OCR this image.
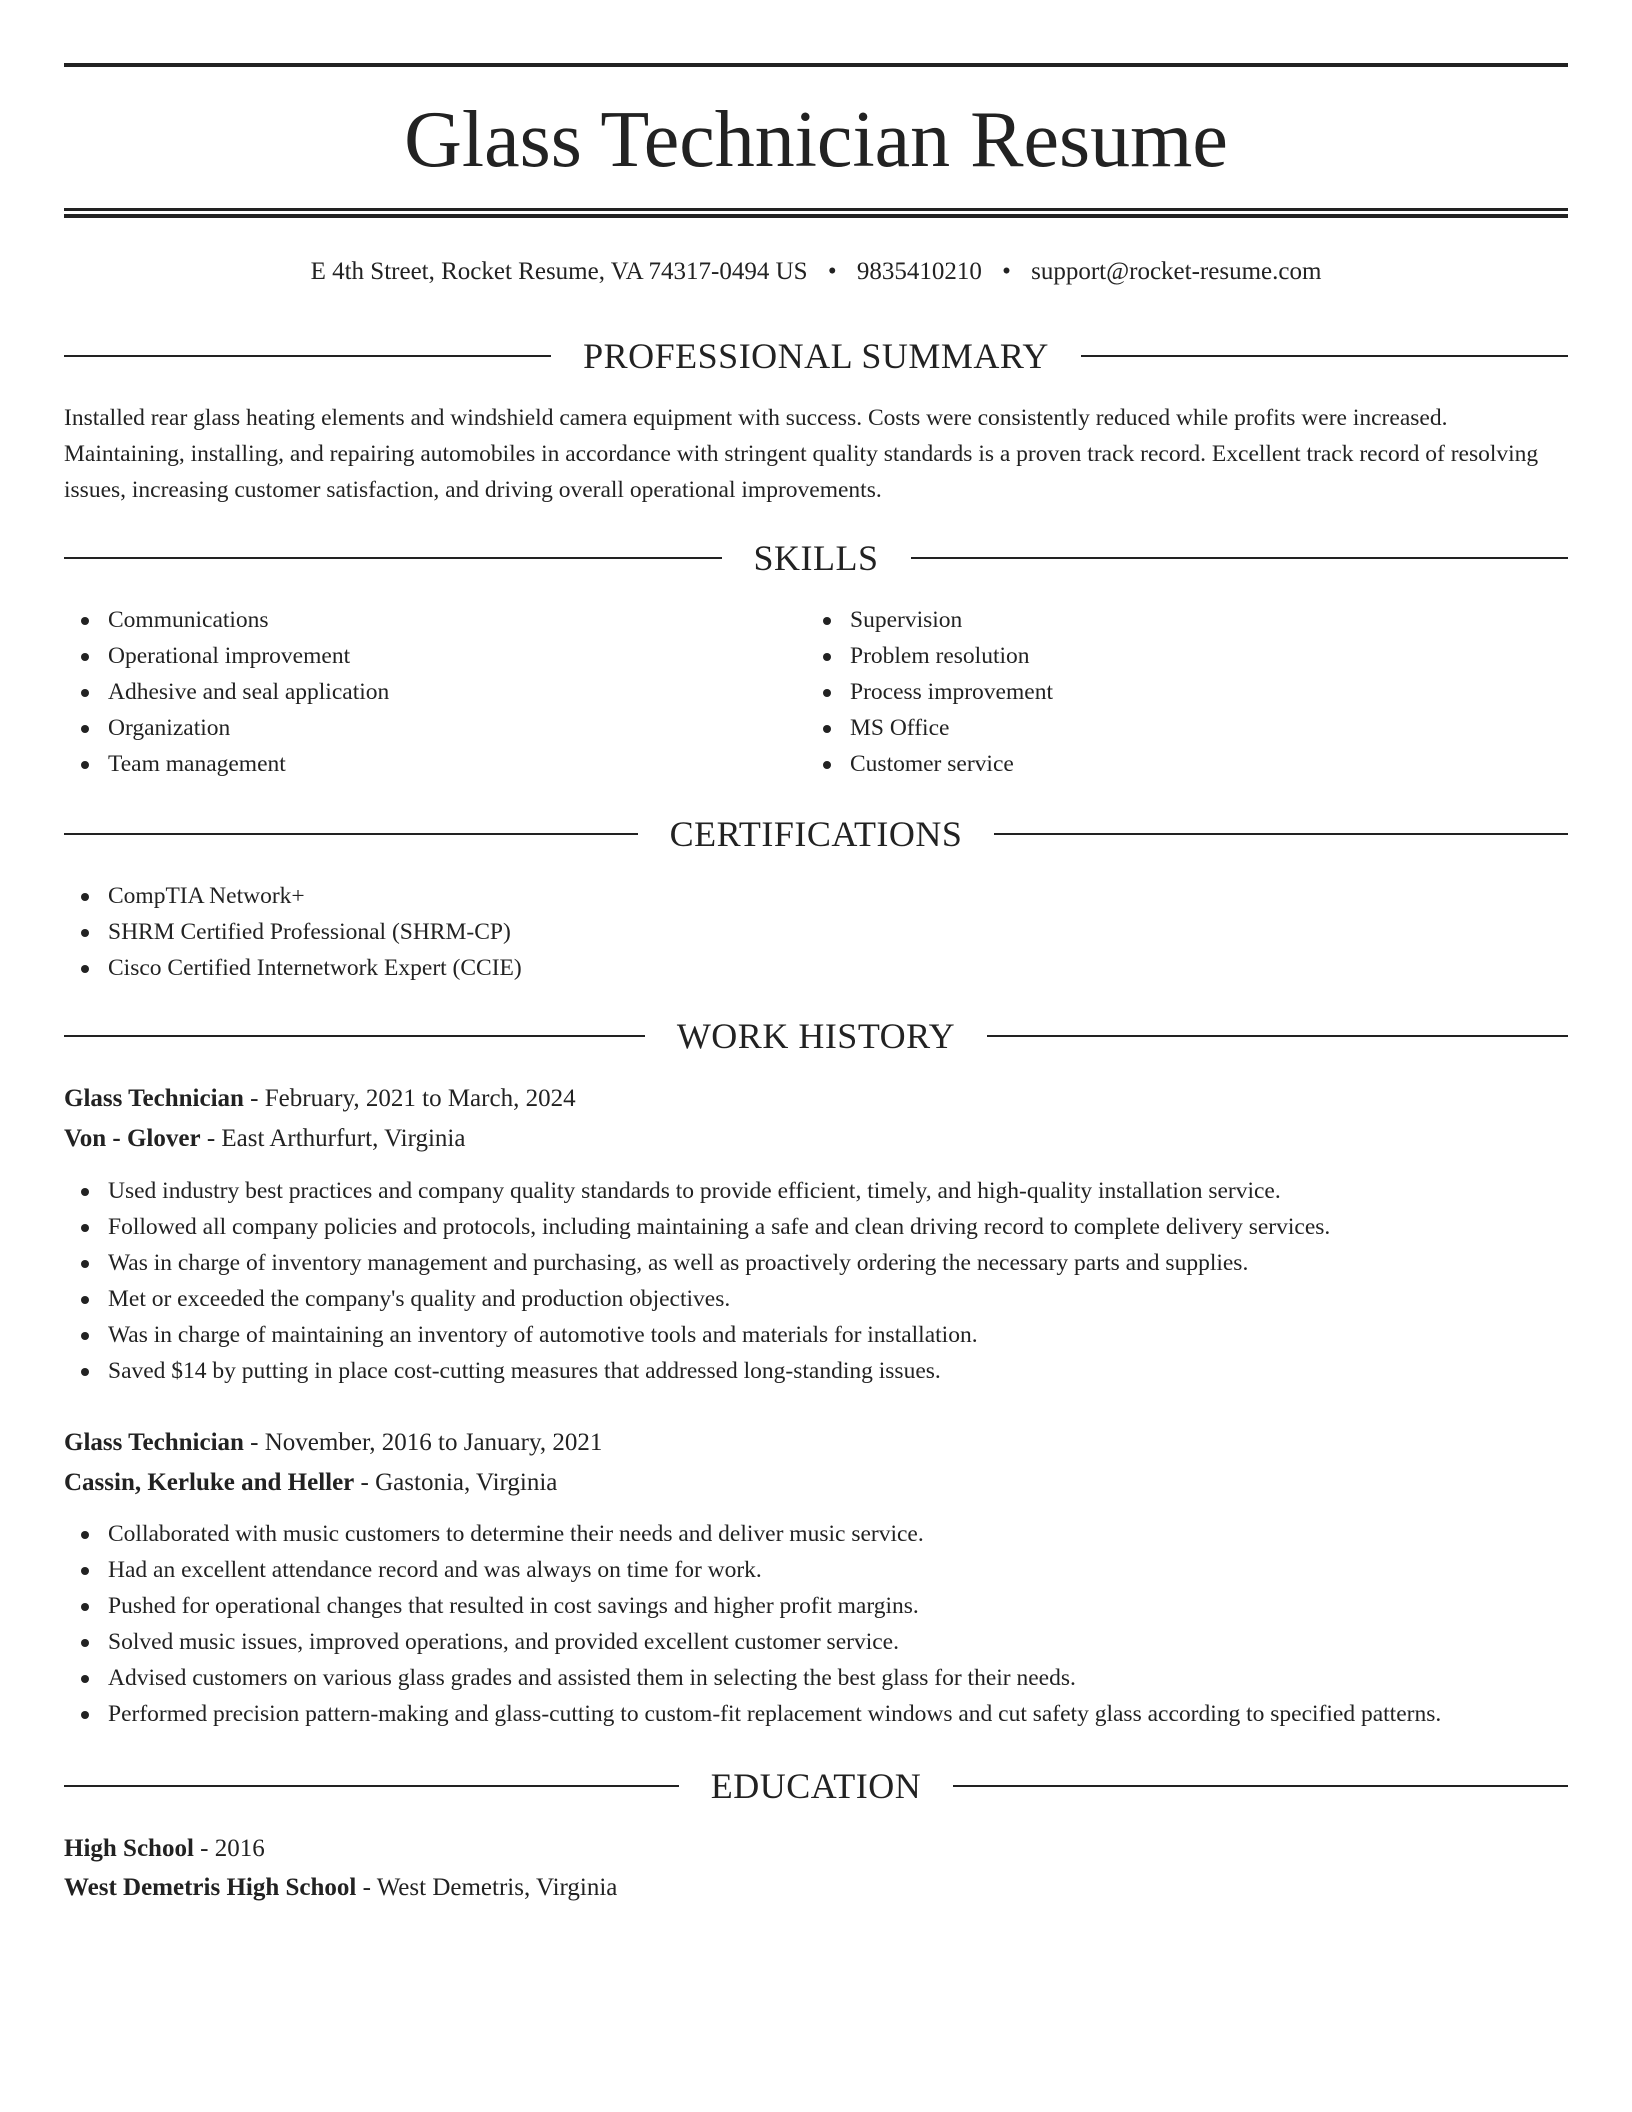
Glass Technician Resume
E 4th Street, Rocket Resume, VA 74317-0494 US • 9835410210 • support@rocket-resume.com
PROFESSIONAL SUMMARY

Installed rear glass heating elements and windshield camera equipment with success. Costs were consistently reduced while profits were increased. Maintaining, installing, and repairing automobiles in accordance with stringent quality standards is a proven track record. Excellent track record of resolving issues, increasing customer satisfaction, and driving overall operational improvements.

SKILLS
Communications
Operational improvement
Adhesive and seal application
Organization
Team management
Supervision
Problem resolution
Process improvement
MS Office
Customer service
CERTIFICATIONS
CompTIA Network+
SHRM Certified Professional (SHRM-CP)
Cisco Certified Internetwork Expert (CCIE)
WORK HISTORY
Glass Technician - February, 2021 to March, 2024
Von - Glover - East Arthurfurt, Virginia
Used industry best practices and company quality standards to provide efficient, timely, and high-quality installation service.
Followed all company policies and protocols, including maintaining a safe and clean driving record to complete delivery services.
Was in charge of inventory management and purchasing, as well as proactively ordering the necessary parts and supplies.
Met or exceeded the company's quality and production objectives.
Was in charge of maintaining an inventory of automotive tools and materials for installation.
Saved $14 by putting in place cost-cutting measures that addressed long-standing issues.
Glass Technician - November, 2016 to January, 2021
Cassin, Kerluke and Heller - Gastonia, Virginia
Collaborated with music customers to determine their needs and deliver music service.
Had an excellent attendance record and was always on time for work.
Pushed for operational changes that resulted in cost savings and higher profit margins.
Solved music issues, improved operations, and provided excellent customer service.
Advised customers on various glass grades and assisted them in selecting the best glass for their needs.
Performed precision pattern-making and glass-cutting to custom-fit replacement windows and cut safety glass according to specified patterns.
EDUCATION
High School - 2016
West Demetris High School - West Demetris, Virginia
